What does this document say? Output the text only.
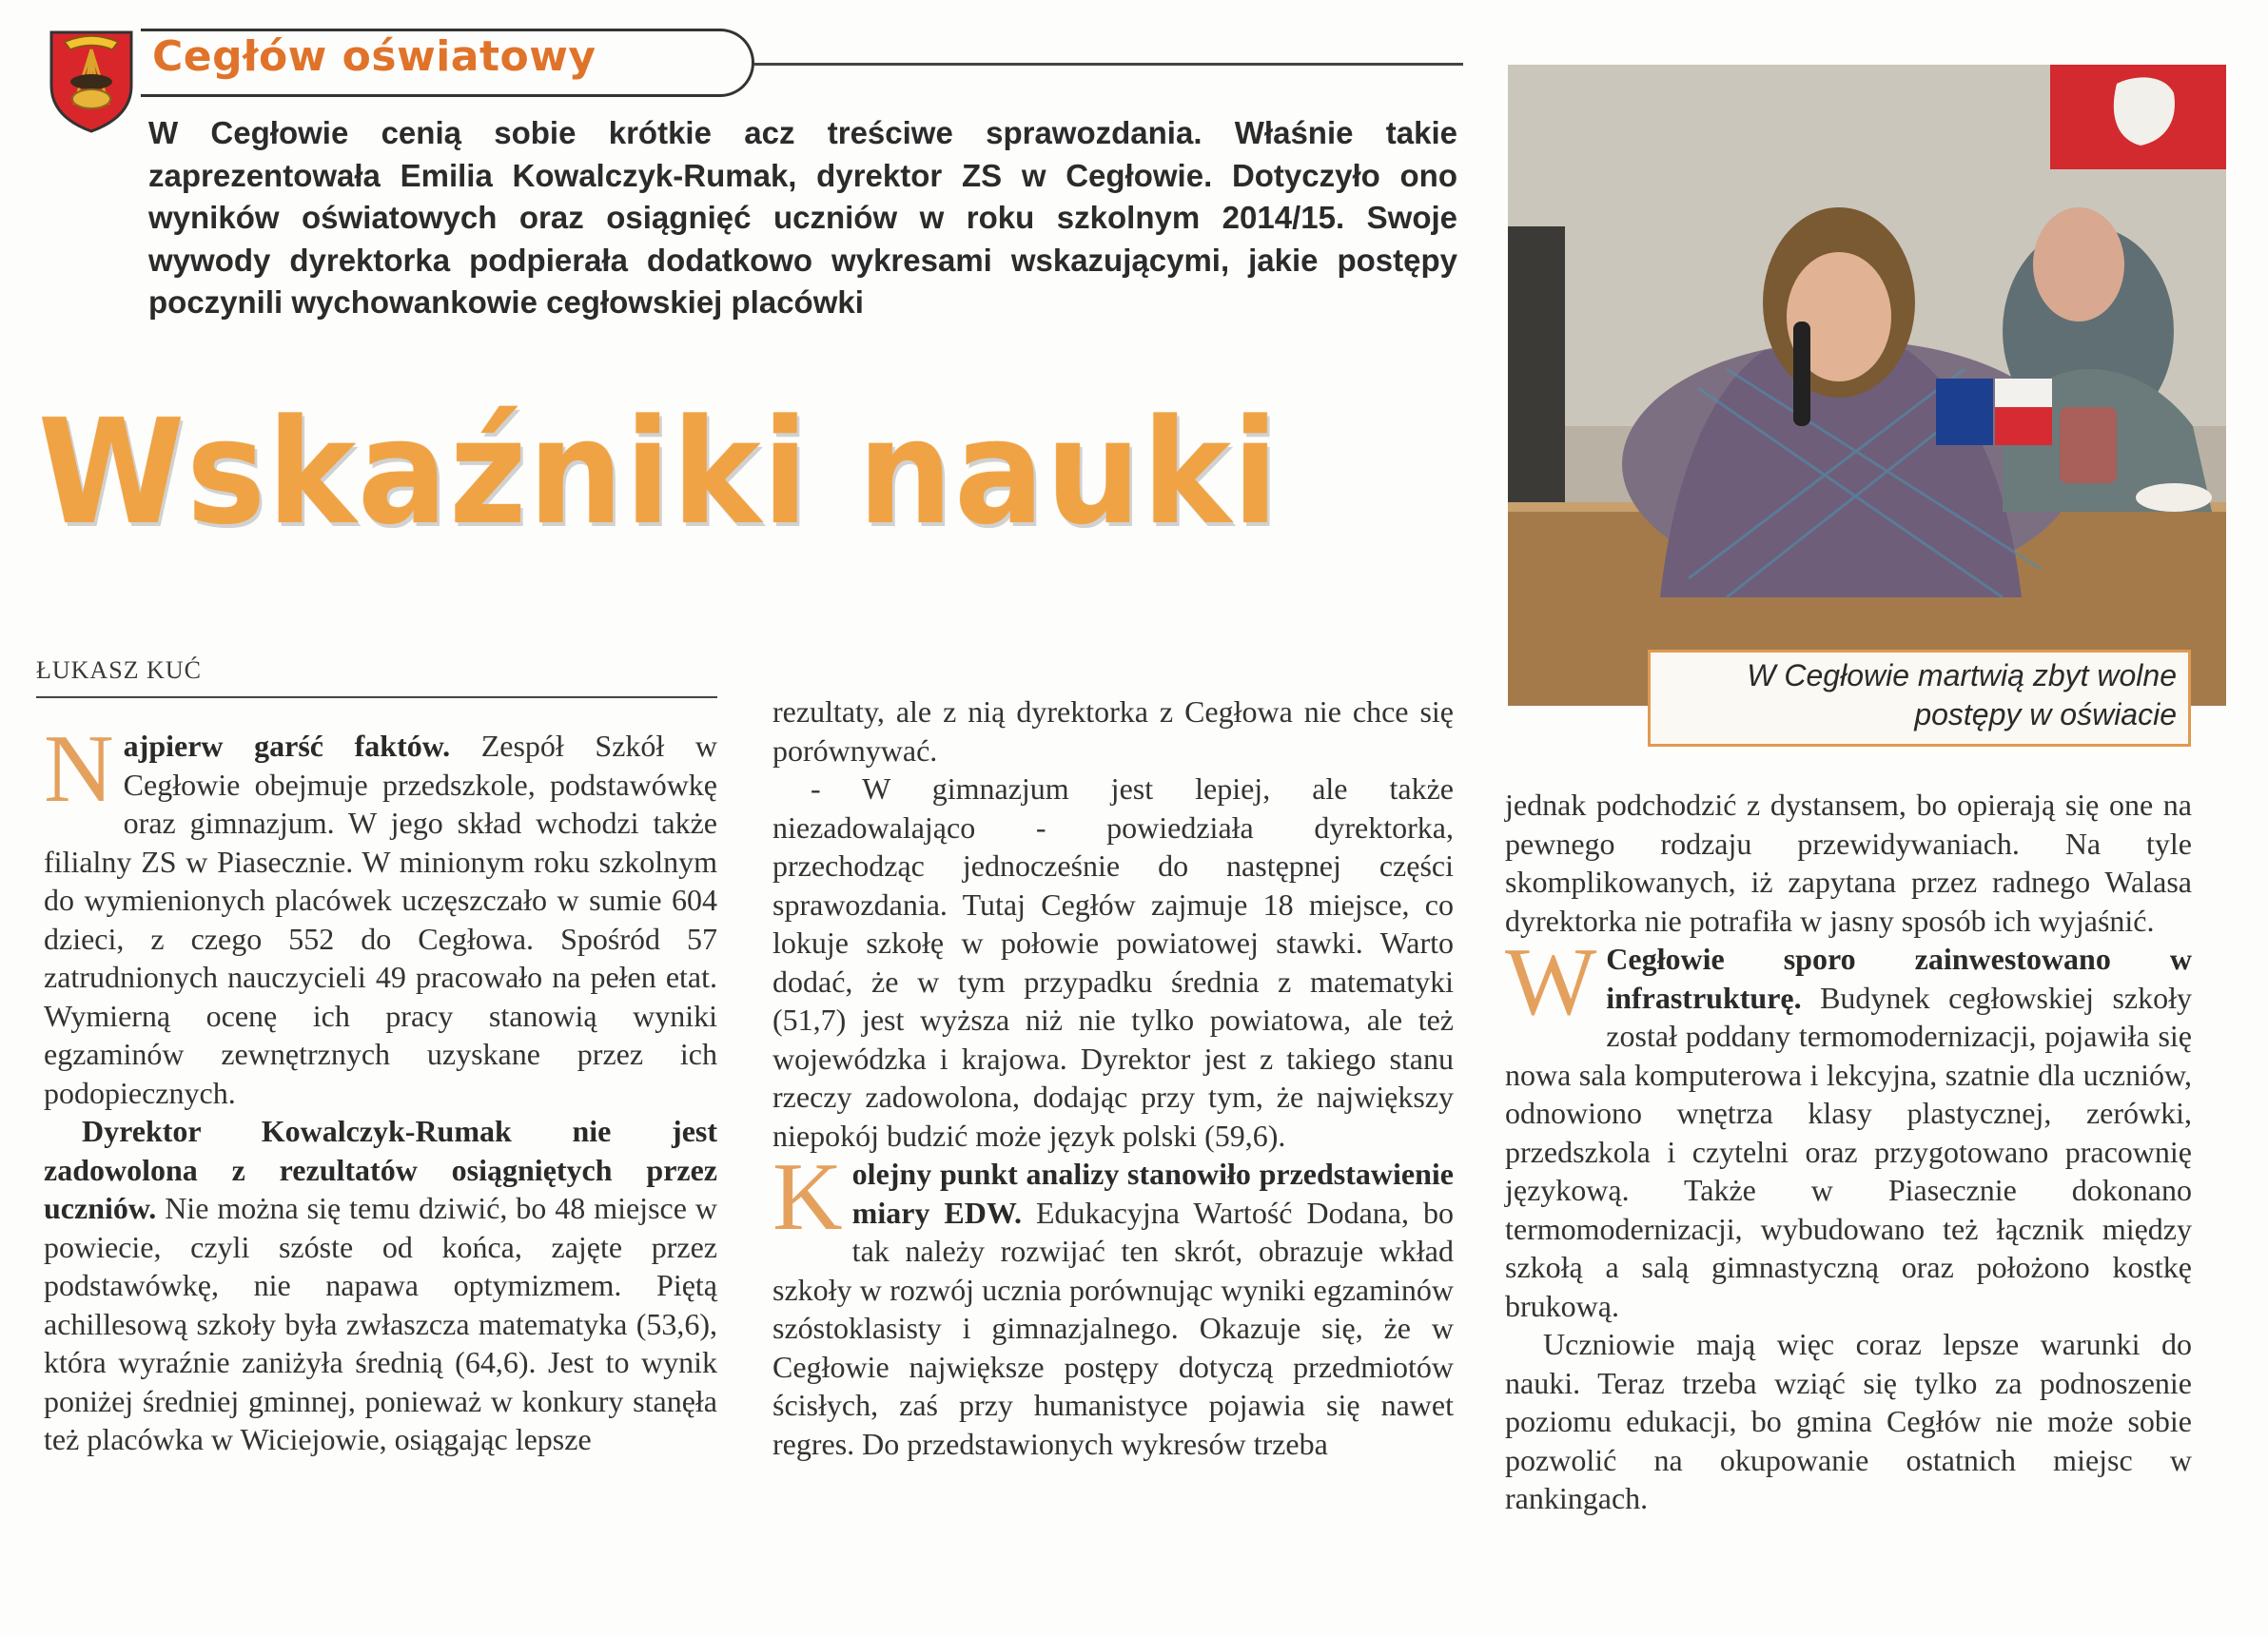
Cegłów oświatowy
W Cegłowie cenią sobie krótkie acz treściwe sprawozdania. Właśnie takie zaprezentowała Emilia Kowalczyk-Rumak, dyrektor ZS w Cegłowie. Dotyczyło ono wyników oświatowych oraz osiągnięć uczniów w roku szkolnym 2014/15. Swoje wywody dyrektorka podpierała dodatkowo wykresami wskazującymi, jakie postępy poczynili wychowankowie cegłowskiej placówki
Wskaźniki nauki
W Cegłowie martwią zbyt wolne postępy w oświacie
ŁUKASZ KUĆ

Najpierw garść faktów. Zespół Szkół w Cegłowie obejmuje przedszkole, podstawówkę oraz gimnazjum. W jego skład wchodzi także filialny ZS w Piasecznie. W minionym roku szkolnym do wymienionych placówek uczęszczało w sumie 604 dzieci, z czego 552 do Cegłowa. Spośród 57 zatrudnionych nauczycieli 49 pracowało na pełen etat. Wymierną ocenę ich pracy stanowią wyniki egzaminów zewnętrznych uzyskane przez ich podopiecznych.

Dyrektor Kowalczyk-Rumak nie jest zadowolona z rezultatów osiągniętych przez uczniów. Nie można się temu dziwić, bo 48 miejsce w powiecie, czyli szóste od końca, zajęte przez podstawówkę, nie napawa optymizmem. Piętą achillesową szkoły była zwłaszcza matematyka (53,6), która wyraźnie zaniżyła średnią (64,6). Jest to wynik poniżej średniej gminnej, ponieważ w konkury stanęła też placówka w Wiciejowie, osiągając lepsze

rezultaty, ale z nią dyrektorka z Cegłowa nie chce się porównywać.

- W gimnazjum jest lepiej, ale także niezadowalająco - powiedziała dyrektorka, przechodząc jednocześnie do następnej części sprawozdania. Tutaj Cegłów zajmuje 18 miejsce, co lokuje szkołę w połowie powiatowej stawki. Warto dodać, że w tym przypadku średnia z matematyki (51,7) jest wyższa niż nie tylko powiatowa, ale też wojewódzka i krajowa. Dyrektor jest z takiego stanu rzeczy zadowolona, dodając przy tym, że największy niepokój budzić może język polski (59,6).

Kolejny punkt analizy stanowiło przedstawienie miary EDW. Edukacyjna Wartość Dodana, bo tak należy rozwijać ten skrót, obrazuje wkład szkoły w rozwój ucznia porównując wyniki egzaminów szóstoklasisty i gimnazjalnego. Okazuje się, że w Cegłowie największe postępy dotyczą przedmiotów ścisłych, zaś przy humanistyce pojawia się nawet regres. Do przedstawionych wykresów trzeba

jednak podchodzić z dystansem, bo opierają się one na pewnego rodzaju przewidywaniach. Na tyle skomplikowanych, iż zapytana przez radnego Walasa dyrektorka nie potrafiła w jasny sposób ich wyjaśnić.

W Cegłowie sporo zainwestowano w infrastrukturę. Budynek cegłowskiej szkoły został poddany termomodernizacji, pojawiła się nowa sala komputerowa i lekcyjna, szatnie dla uczniów, odnowiono wnętrza klasy plastycznej, zerówki, przedszkola i czytelni oraz przygotowano pracownię językową. Także w Piasecznie dokonano termomodernizacji, wybudowano też łącznik między szkołą a salą gimnastyczną oraz położono kostkę brukową.

Uczniowie mają więc coraz lepsze warunki do nauki. Teraz trzeba wziąć się tylko za podnoszenie poziomu edukacji, bo gmina Cegłów nie może sobie pozwolić na okupowanie ostatnich miejsc w rankingach.
